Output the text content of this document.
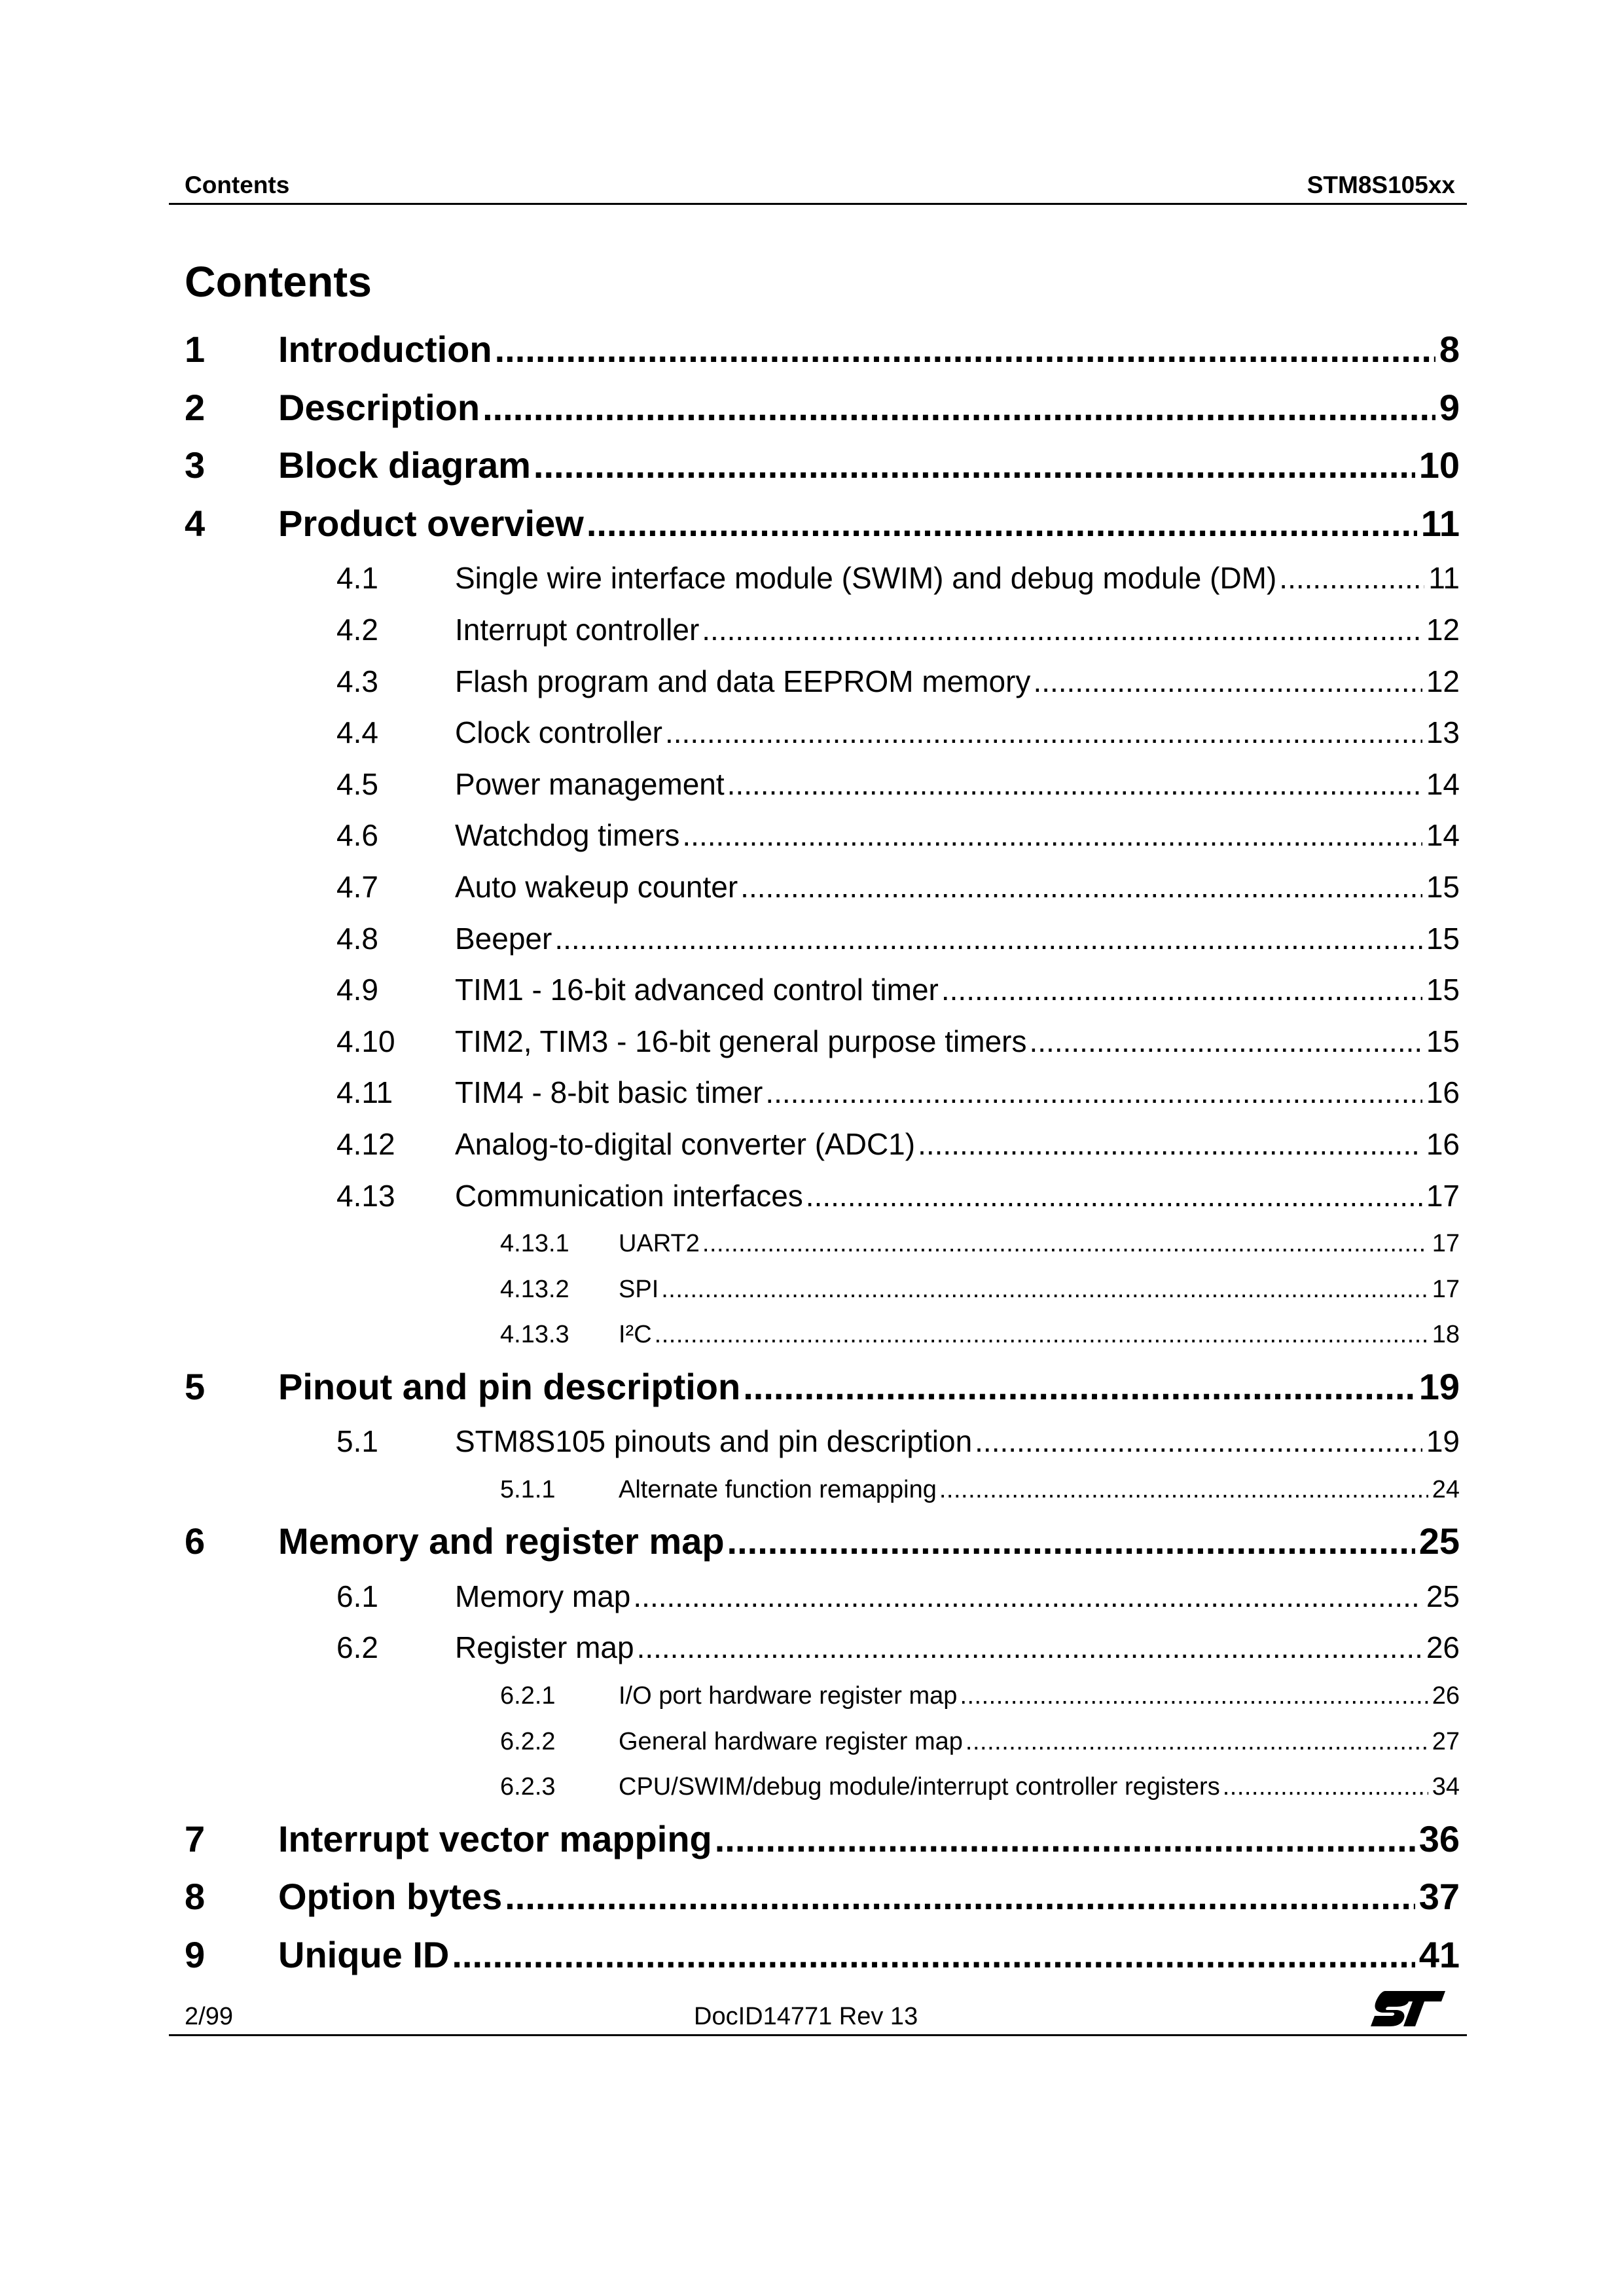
Contents	STM8S105xx
Contents
1	Introduction .....	8
2	Description .....	9
3	Block diagram .....	10
4	Product overview .....	11
4.1	Single wire interface module (SWIM) and debug module (DM) .....	11
4.2	Interrupt controller .....	12
4.3	Flash program and data EEPROM memory .....	12
4.4	Clock controller .....	13
4.5	Power management .....	14
4.6	Watchdog timers .....	14
4.7	Auto wakeup counter .....	15
4.8	Beeper .....	15
4.9	TIM1 - 16-bit advanced control timer .....	15
4.10	TIM2, TIM3 - 16-bit general purpose timers .....	15
4.11	TIM4 - 8-bit basic timer .....	16
4.12	Analog-to-digital converter (ADC1) .....	16
4.13	Communication interfaces .....	17
4.13.1	UART2 .....	17
4.13.2	SPI .....	17
4.13.3	I²C .....	18
5	Pinout and pin description .....	19
5.1	STM8S105 pinouts and pin description .....	19
5.1.1	Alternate function remapping .....	24
6	Memory and register map .....	25
6.1	Memory map .....	25
6.2	Register map .....	26
6.2.1	I/O port hardware register map .....	26
6.2.2	General hardware register map .....	27
6.2.3	CPU/SWIM/debug module/interrupt controller registers .....	34
7	Interrupt vector mapping .....	36
8	Option bytes .....	37
9	Unique ID .....	41
2/99	DocID14771 Rev 13
